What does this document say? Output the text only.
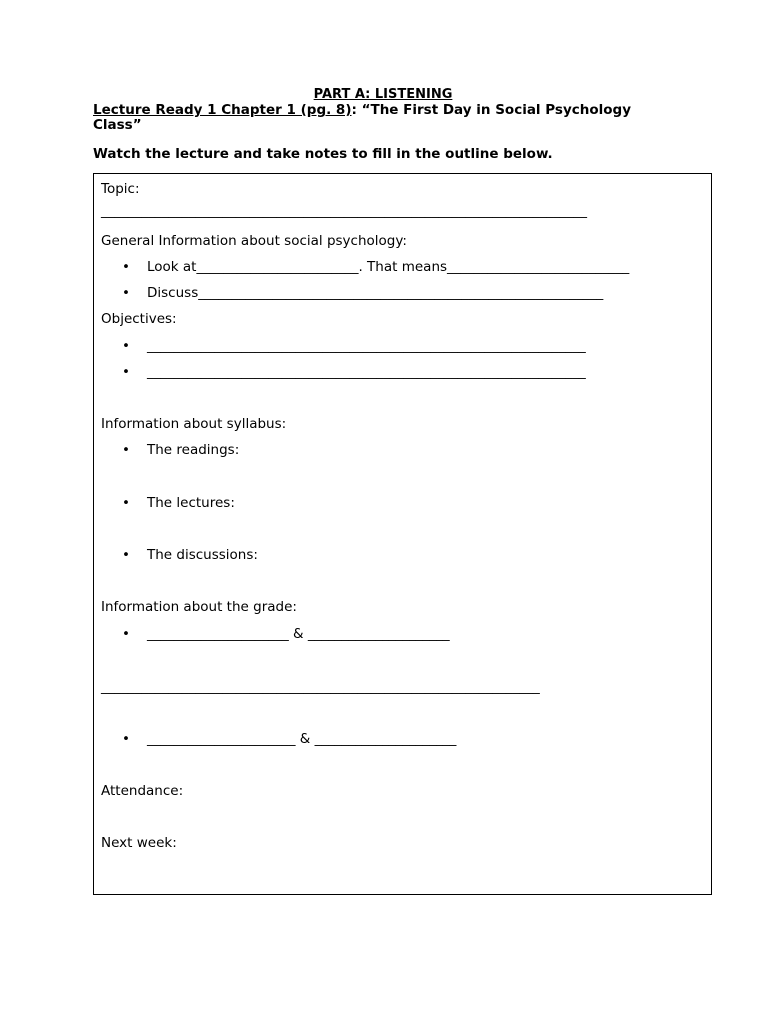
PART A: LISTENING
Lecture Ready 1 Chapter 1 (pg. 8): “The First Day in Social Psychology Class”
Watch the lecture and take notes to fill in the outline below.
Topic:
________________________________________________________________________
General Information about social psychology:
• Look at________________________. That means___________________________
• Discuss____________________________________________________________
Objectives:
• _________________________________________________________________
• _________________________________________________________________
Information about syllabus:
• The readings:
• The lectures:
• The discussions:
Information about the grade:
• _____________________ & _____________________
_________________________________________________________________
• ______________________ & _____________________
Attendance:
Next week:
